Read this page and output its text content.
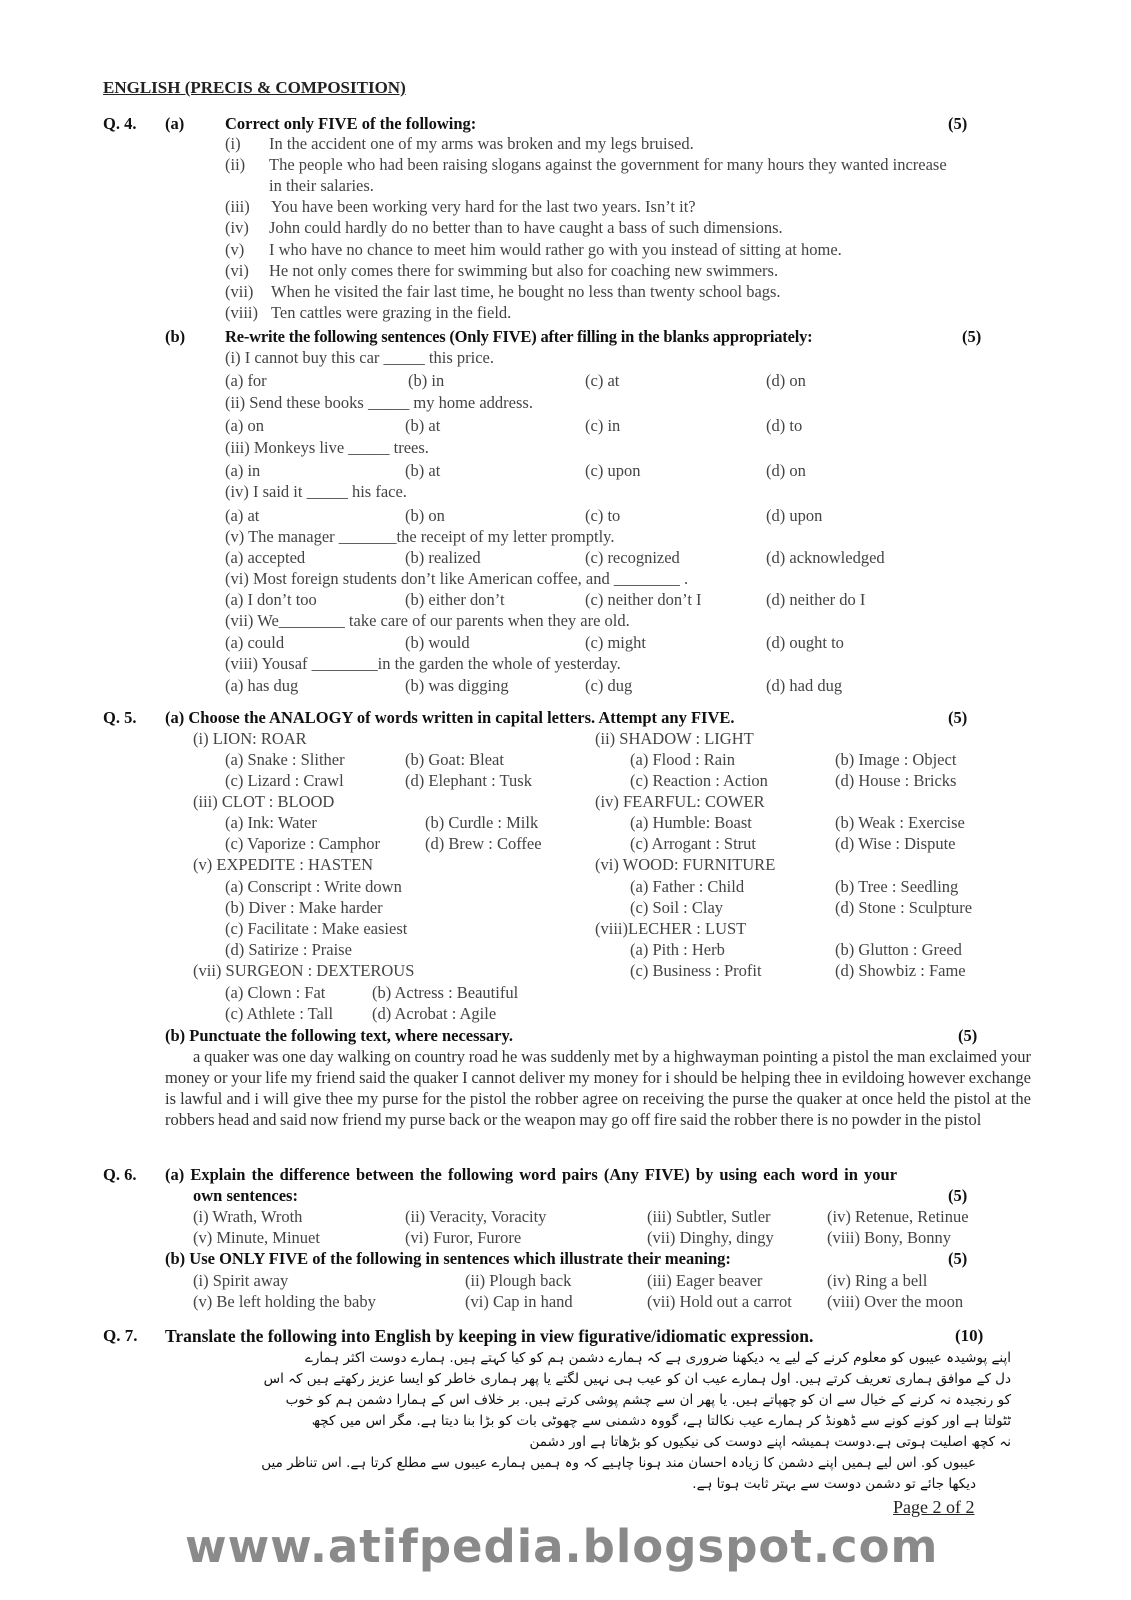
ENGLISH (PRECIS & COMPOSITION)
Q. 4. (a) Correct only FIVE of the following:	(5)
(i) In the accident one of my arms was broken and my legs bruised.
(ii) The people who had been raising slogans against the government for many hours they wanted increase
in their salaries.
(iii) You have been working very hard for the last two years. Isn’t it?
(iv) John could hardly do no better than to have caught a bass of such dimensions.
(v) I who have no chance to meet him would rather go with you instead of sitting at home.
(vi) He not only comes there for swimming but also for coaching new swimmers.
(vii) When he visited the fair last time, he bought no less than twenty school bags.
(viii) Ten cattles were grazing in the field.
(b) Re-write the following sentences (Only FIVE) after filling in the blanks appropriately:	(5)
(i) I cannot buy this car _____ this price.
(a) for	(b) in	(c) at	(d) on
(ii) Send these books _____ my home address.
(a) on	(b) at	(c) in	(d) to
(iii) Monkeys live _____ trees.
(a) in	(b) at	(c) upon	(d) on
(iv) I said it _____ his face.
(a) at	(b) on	(c) to	(d) upon
(v) The manager _______the receipt of my letter promptly.
(a) accepted	(b) realized	(c) recognized	(d) acknowledged
(vi) Most foreign students don’t like American coffee, and ________ .
(a) I don’t too	(b) either don’t	(c) neither don’t I	(d) neither do I
(vii) We________ take care of our parents when they are old.
(a) could	(b) would	(c) might	(d) ought to
(viii) Yousaf ________in the garden the whole of yesterday.
(a) has dug	(b) was digging	(c) dug	(d) had dug
Q. 5. (a) Choose the ANALOGY of words written in capital letters. Attempt any FIVE.	(5)
(i) LION: ROAR
(a) Snake : Slither	(b) Goat: Bleat
(c) Lizard : Crawl	(d) Elephant : Tusk
(iii) CLOT : BLOOD
(a) Ink: Water	(b) Curdle : Milk
(c) Vaporize : Camphor	(d) Brew : Coffee
(v) EXPEDITE : HASTEN
(a) Conscript : Write down
(b) Diver : Make harder
(c) Facilitate : Make easiest
(d) Satirize : Praise
(vii) SURGEON : DEXTEROUS
(a) Clown : Fat	(b) Actress : Beautiful
(c) Athlete : Tall (d) Acrobat : Agile
(ii) SHADOW : LIGHT
(a) Flood : Rain	(b) Image : Object
(c) Reaction : Action	(d) House : Bricks
(iv) FEARFUL: COWER
(a) Humble: Boast	(b) Weak : Exercise
(c) Arrogant : Strut	(d) Wise : Dispute
(vi) WOOD: FURNITURE
(a) Father : Child	(b) Tree : Seedling
(c) Soil : Clay	(d) Stone : Sculpture
(viii)LECHER : LUST
(a) Pith : Herb	(b) Glutton : Greed
(c) Business : Profit	(d) Showbiz : Fame
(b) Punctuate the following text, where necessary.	(5)
a quaker was one day walking on country road he was suddenly met by a highwayman pointing a pistol the man exclaimed your money or your life my friend said the quaker I cannot deliver my money for i should be helping thee in evildoing however exchange is lawful and i will give thee my purse for the pistol the robber agree on receiving the purse the quaker at once held the pistol at the robbers head and said now friend my purse back or the weapon may go off fire said the robber there is no powder in the pistol
Q. 6. (a) Explain the difference between the following word pairs (Any FIVE) by using each word in your
own sentences:	(5)
(i) Wrath, Wroth	(ii) Veracity, Voracity	(iii) Subtler, Sutler	(iv) Retenue, Retinue
(v) Minute, Minuet	(vi) Furor, Furore	(vii) Dinghy, dingy	(viii) Bony, Bonny
(b) Use ONLY FIVE of the following in sentences which illustrate their meaning:	(5)
(i) Spirit away	(ii) Plough back	(iii) Eager beaver	(iv) Ring a bell
(v) Be left holding the baby	(vi) Cap in hand	(vii) Hold out a carrot (viii) Over the moon
Q. 7. Translate the following into English by keeping in view figurative/idiomatic expression.	(10)
اپنے پوشیدہ عیبوں کو معلوم کرنے کے لیے یہ دیکھنا ضروری ہے کہ ہمارے دشمن ہم کو کیا کہتے ہیں. ہمارے دوست اکثر ہمارے
دل کے موافق ہماری تعریف کرتے ہیں. اول ہمارے عیب ان کو عیب ہی نہیں لگتے یا پھر ہماری خاطر کو ایسا عزیز رکھتے ہیں کہ اس
کو رنجیدہ نہ کرنے کے خیال سے ان کو چھپاتے ہیں. یا پھر ان سے چشم پوشی کرتے ہیں. بر خلاف اس کے ہمارا دشمن ہم کو خوب
ٹٹولتا ہے اور کونے کونے سے ڈھونڈ کر ہمارے عیب نکالتا ہے، گووہ دشمنی سے چھوٹی بات کو بڑا بنا دیتا ہے. مگر اس میں کچھ
نہ کچھ اصلیت ہوتی ہے.دوست ہمیشہ اپنے دوست کی نیکیوں کو بڑھاتا ہے اور دشمن
عیبوں کو. اس لیے ہمیں اپنے دشمن کا زیادہ احسان مند ہونا چاہیے کہ وہ ہمیں ہمارے عیبوں سے مطلع کرتا ہے. اس تناظر میں
دیکھا جائے تو دشمن دوست سے بہتر ثابت ہوتا ہے.
Page 2 of 2
www.atifpedia.blogspot.com
